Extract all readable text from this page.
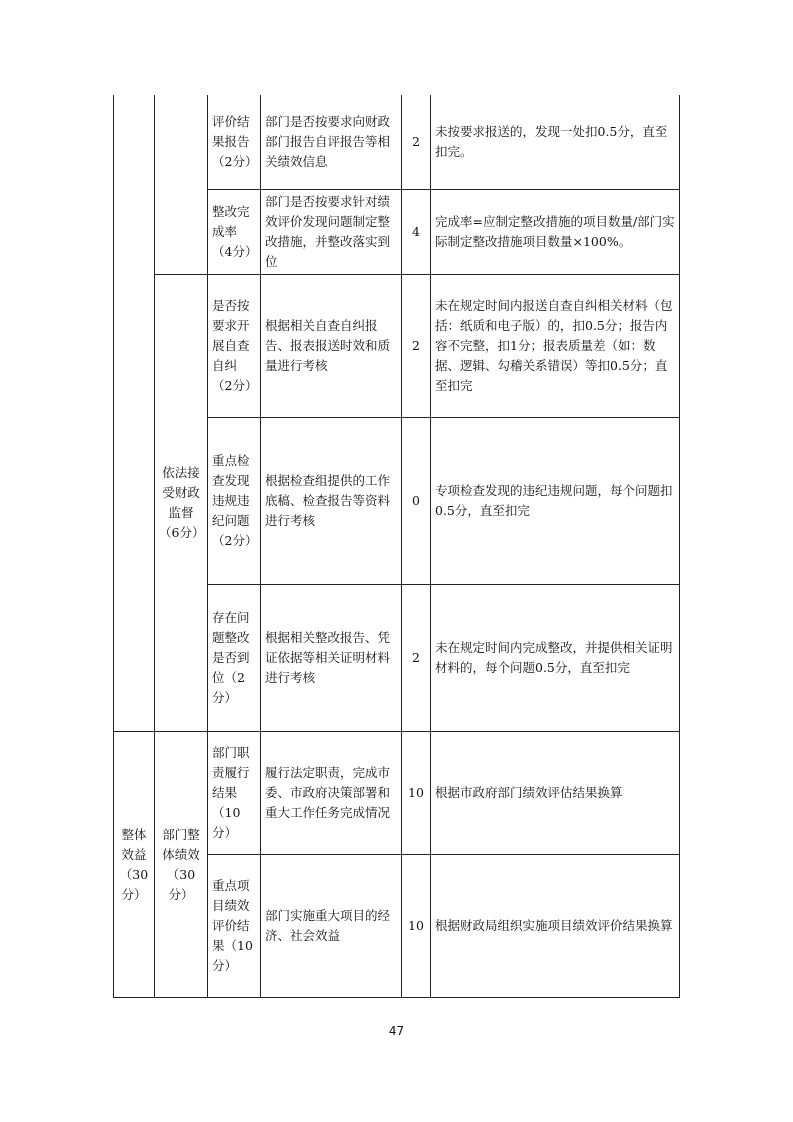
		评价结果报告（2分）	部门是否按要求向财政部门报告自评报告等相关绩效信息	2	未按要求报送的，发现一处扣0.5分，直至扣完。
		整改完成率（4分）	部门是否按要求针对绩效评价发现问题制定整改措施，并整改落实到位	4	完成率=应制定整改措施的项目数量/部门实际制定整改措施项目数量×100%。
	依法接受财政监督（6分）	是否按要求开展自查自纠（2分）	根据相关自查自纠报告、报表报送时效和质量进行考核	2	未在规定时间内报送自查自纠相关材料（包括：纸质和电子版）的，扣0.5分；报告内容不完整，扣1分；报表质量差（如：数据、逻辑、勾稽关系错误）等扣0.5分；直至扣完
		重点检查发现违规违纪问题（2分）	根据检查组提供的工作底稿、检查报告等资料进行考核	0	专项检查发现的违纪违规问题，每个问题扣0.5分，直至扣完
		存在问题整改是否到位（2分）	根据相关整改报告、凭证依据等相关证明材料进行考核	2	未在规定时间内完成整改，并提供相关证明材料的，每个问题0.5分，直至扣完
整体效益（30分）	部门整体绩效（30分）	部门职责履行结果（10分）	履行法定职责，完成市委、市政府决策部署和重大工作任务完成情况	10	根据市政府部门绩效评估结果换算
		重点项目绩效评价结果（10分）	部门实施重大项目的经济、社会效益	10	根据财政局组织实施项目绩效评价结果换算
47
